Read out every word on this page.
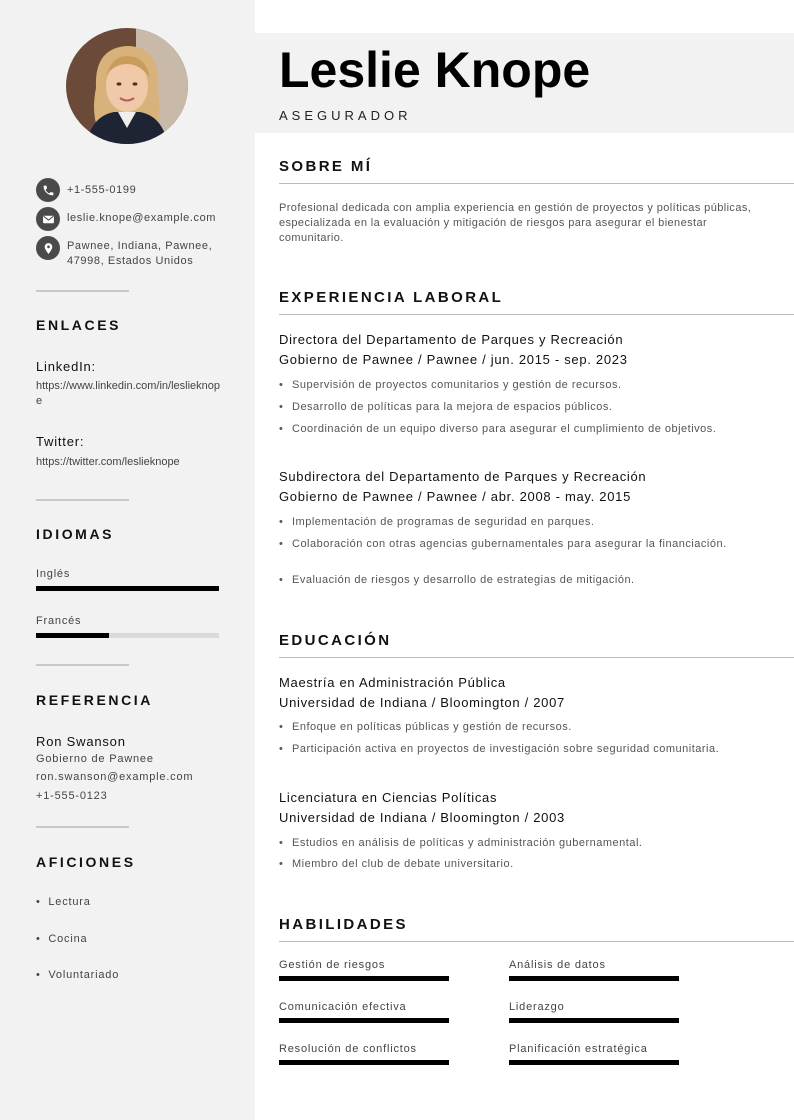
+1-555-0199
leslie.knope@example.com
Pawnee, Indiana, Pawnee, 47998, Estados Unidos
ENLACES
LinkedIn:
https://www.linkedin.com/in/leslieknope
Twitter:
https://twitter.com/leslieknope
IDIOMAS
Inglés
Francés
REFERENCIA
Ron Swanson
Gobierno de Pawnee
ron.swanson@example.com
+1-555-0123
AFICIONES
•  Lectura
•  Cocina
•  Voluntariado
Leslie Knope
ASEGURADOR
SOBRE MÍ
Profesional dedicada con amplia experiencia en gestión de proyectos y políticas públicas, especializada en la evaluación y mitigación de riesgos para asegurar el bienestar comunitario.
EXPERIENCIA LABORAL
Directora del Departamento de Parques y Recreación
Gobierno de Pawnee / Pawnee / jun. 2015 - sep. 2023
• Supervisión de proyectos comunitarios y gestión de recursos.
• Desarrollo de políticas para la mejora de espacios públicos.
• Coordinación de un equipo diverso para asegurar el cumplimiento de objetivos.
Subdirectora del Departamento de Parques y Recreación
Gobierno de Pawnee / Pawnee / abr. 2008 - may. 2015
• Implementación de programas de seguridad en parques.
• Colaboración con otras agencias gubernamentales para asegurar la financiación.
• Evaluación de riesgos y desarrollo de estrategias de mitigación.
EDUCACIÓN
Maestría en Administración Pública
Universidad de Indiana / Bloomington / 2007
• Enfoque en políticas públicas y gestión de recursos.
• Participación activa en proyectos de investigación sobre seguridad comunitaria.
Licenciatura en Ciencias Políticas
Universidad de Indiana / Bloomington / 2003
• Estudios en análisis de políticas y administración gubernamental.
• Miembro del club de debate universitario.
HABILIDADES
Gestión de riesgos	Análisis de datos
Comunicación efectiva	Liderazgo
Resolución de conflictos	Planificación estratégica
